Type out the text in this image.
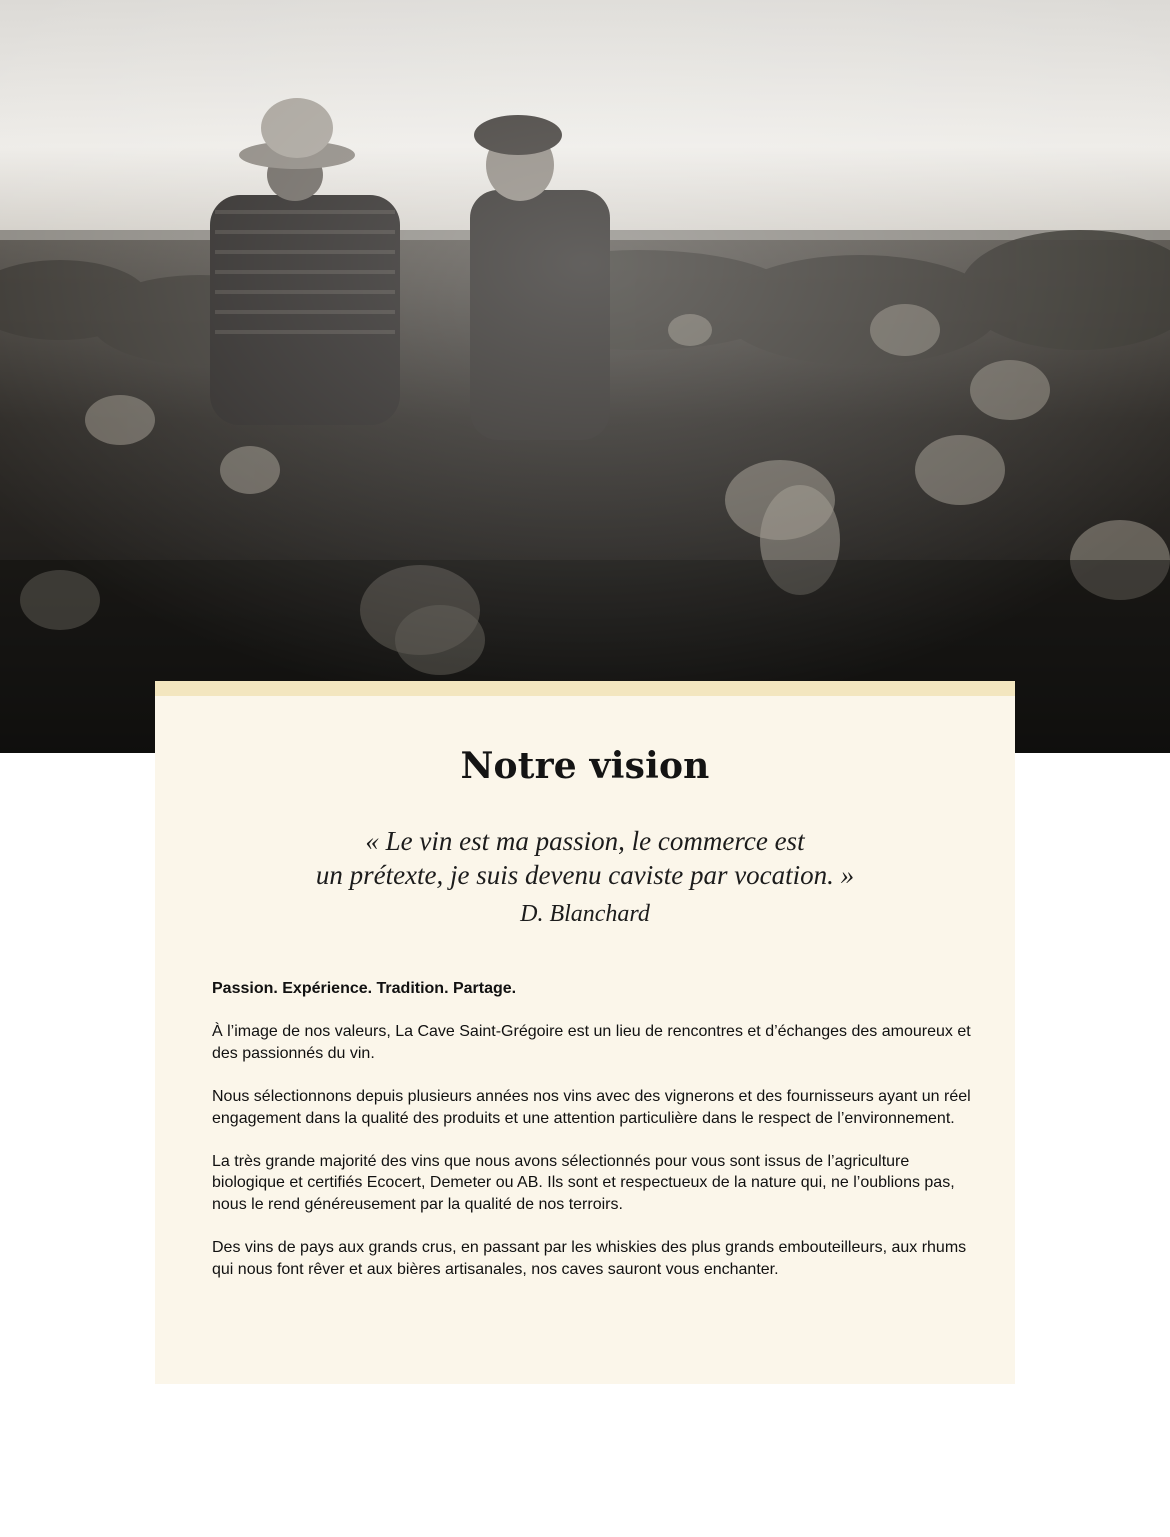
Notre vision

« Le vin est ma passion, le commerce est
un prétexte, je suis devenu caviste par vocation. »

D. Blanchard

Passion. Expérience. Tradition. Partage.

À l’image de nos valeurs, La Cave Saint-Grégoire est un lieu de rencontres et d’échanges des amoureux et des passionnés du vin.

Nous sélectionnons depuis plusieurs années nos vins avec des vignerons et des fournisseurs ayant un réel engagement dans la qualité des produits et une attention particulière dans le respect de l’environnement.

La très grande majorité des vins que nous avons sélectionnés pour vous sont issus de l’agriculture biologique et certifiés Ecocert, Demeter ou AB. Ils sont et respectueux de la nature qui, ne l’oublions pas, nous le rend généreusement par la qualité de nos terroirs.

Des vins de pays aux grands crus, en passant par les whiskies des plus grands embouteilleurs, aux rhums qui nous font rêver et aux bières artisanales, nos caves sauront vous enchanter.
